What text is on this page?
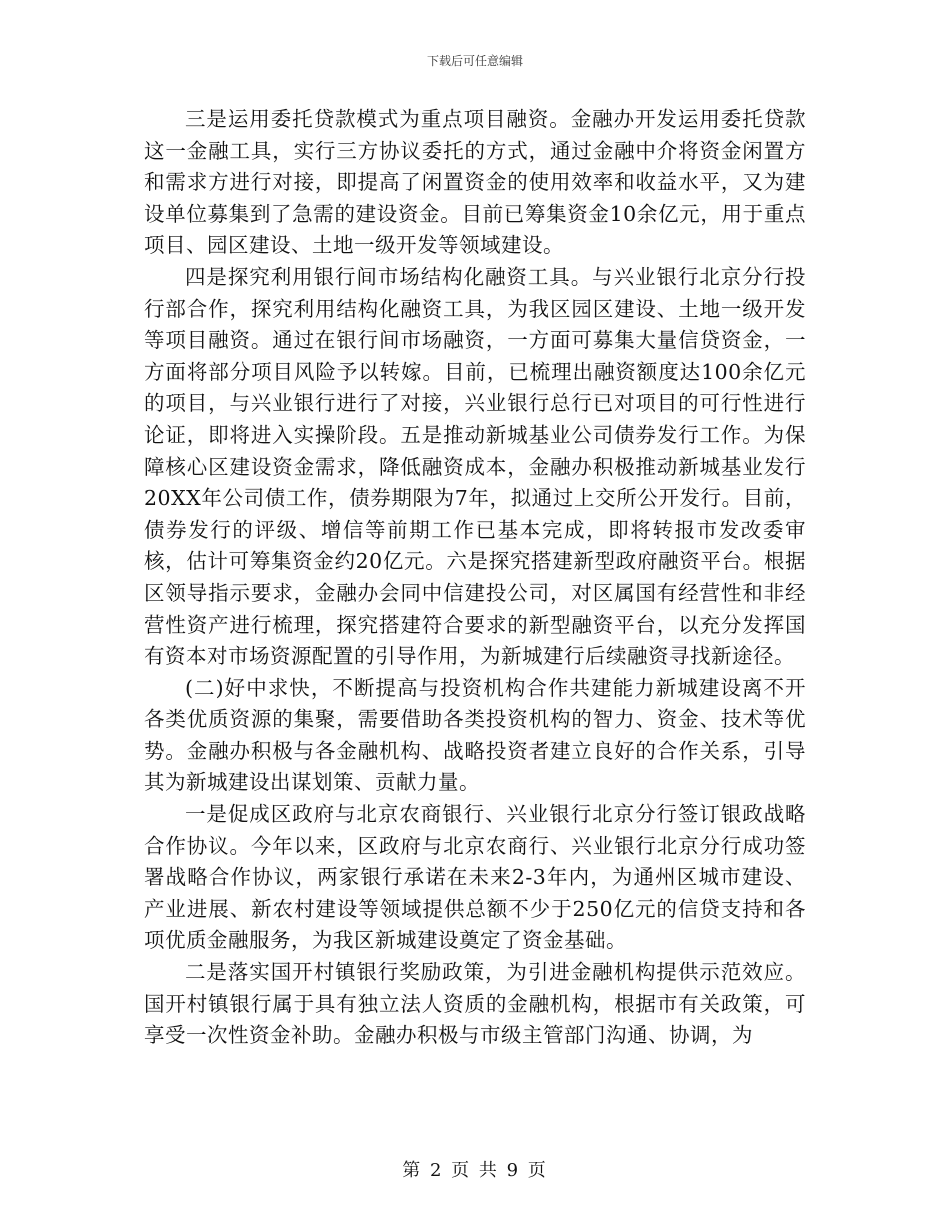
下载后可任意编辑

三是运用委托贷款模式为重点项目融资。金融办开发运用委托贷款这一金融工具，实行三方协议委托的方式，通过金融中介将资金闲置方和需求方进行对接，即提高了闲置资金的使用效率和收益水平，又为建设单位募集到了急需的建设资金。目前已筹集资金10余亿元，用于重点项目、园区建设、土地一级开发等领域建设。

四是探究利用银行间市场结构化融资工具。与兴业银行北京分行投行部合作，探究利用结构化融资工具，为我区园区建设、土地一级开发等项目融资。通过在银行间市场融资，一方面可募集大量信贷资金，一方面将部分项目风险予以转嫁。目前，已梳理出融资额度达100余亿元的项目，与兴业银行进行了对接，兴业银行总行已对项目的可行性进行论证，即将进入实操阶段。五是推动新城基业公司债券发行工作。为保障核心区建设资金需求，降低融资成本，金融办积极推动新城基业发行20XX年公司债工作，债券期限为7年，拟通过上交所公开发行。目前，债券发行的评级、增信等前期工作已基本完成，即将转报市发改委审核，估计可筹集资金约20亿元。六是探究搭建新型政府融资平台。根据区领导指示要求，金融办会同中信建投公司，对区属国有经营性和非经营性资产进行梳理，探究搭建符合要求的新型融资平台，以充分发挥国有资本对市场资源配置的引导作用，为新城建行后续融资寻找新途径。

(二)好中求快，不断提高与投资机构合作共建能力新城建设离不开各类优质资源的集聚，需要借助各类投资机构的智力、资金、技术等优势。金融办积极与各金融机构、战略投资者建立良好的合作关系，引导其为新城建设出谋划策、贡献力量。

一是促成区政府与北京农商银行、兴业银行北京分行签订银政战略合作协议。今年以来，区政府与北京农商行、兴业银行北京分行成功签署战略合作协议，两家银行承诺在未来2-3年内，为通州区城市建设、产业进展、新农村建设等领域提供总额不少于250亿元的信贷支持和各项优质金融服务，为我区新城建设奠定了资金基础。

二是落实国开村镇银行奖励政策，为引进金融机构提供示范效应。国开村镇银行属于具有独立法人资质的金融机构，根据市有关政策，可享受一次性资金补助。金融办积极与市级主管部门沟通、协调，为

第 2 页 共 9 页
